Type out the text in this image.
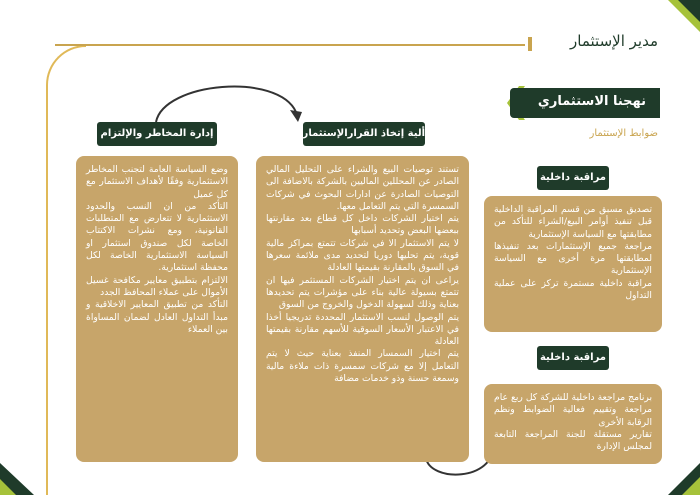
مدير الإستثمار
نهجنا الاستثماري
ضوابط الإستثمار
إدارة المخاطر والإلتزام	ألية إتخاذ القرارالإستثماري
مراقبة داخلية
مراقبة داخلية

وضع السياسة العامة لتجنب المخاطر الاستثمارية وفقًا لأهداف الاستثمار مع كل عميل

التأكد من ان النسب والحدود الاستثمارية لا تتعارض مع المتطلبات القانونية، ومع نشرات الاكتتاب الخاصة لكل صندوق استثمار او السياسة الاستثمارية الخاصة لكل محفظة استثمارية.

الالتزام بتطبيق معايير مكافحة غسيل الأموال على عملاء المحافظ الجدد

التأكد من تطبيق المعايير الاخلاقية و مبدأ التداول العادل لضمان المساواة بين العملاء

تستند توصيات البيع والشراء على التحليل المالي الصادر عن المحللين الماليين بالشركة بالاضافة الى التوصيات الصادرة عن ادارات البحوث في شركات السمسرة التي يتم التعامل معها.

يتم اختيار الشركات داخل كل قطاع بعد مقارنتها ببعضها البعض وتحديد أسبابها

لا يتم الاستثمار الا في شركات تتمتع بمراكز مالية قوية، يتم تحليها دوريا لتحديد مدى ملائمة سعرها في السوق بالمقارنة بقيمتها العادلة

يراعى ان يتم اختيار الشركات المستثمر فيها ان تتمتع بسيولة عالية بناء على مؤشرات يتم تحديدها بعناية وذلك لسهولة الدخول والخروج من السوق

يتم الوصول لنسب الاستثمار المحددة تدريجيا أخذا في الاعتبار الأسعار السوقية للأسهم مقارنة بقيمتها العادلة

يتم اختيار السمسار المنفذ بعناية حيث لا يتم التعامل إلا مع شركات سمسرة ذات ملاءة مالية وسمعة حسنة وذو خدمات مضافة

تصديق مسبق من قسم المراقبة الداخلية قبل تنفيذ أوامر البيع/الشراء للتأكد من مطابقتها مع السياسة الإستثمارية

مراجعة جميع الإستثمارات بعد تنفيذها لمطابقتها مرة أخرى مع السياسة الإستثمارية

مراقبة داخلية مستمرة تركز على عملية التداول

برنامج مراجعة داخلية للشركة كل ربع عام مراجعة وتقييم فعالية الضوابط ونظم الرقابة الأخرى

تقارير مستقلة للجنة المراجعة التابعة لمجلس الإدارة
